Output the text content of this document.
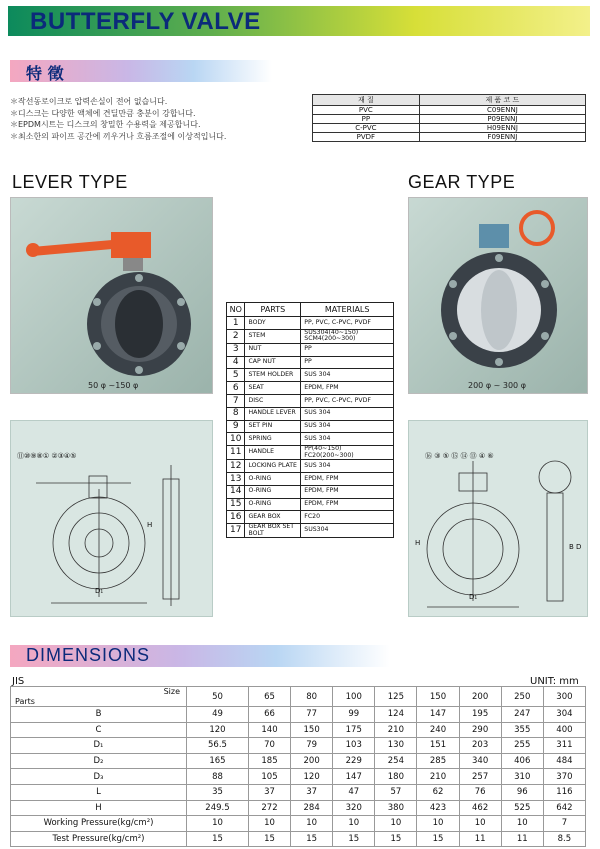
BUTTERFLY VALVE
特 徵
＊작선동로이크로 압력손실이 전어 없습니다.
＊디스크는 다양한 액체에 견딜만큼 충분이 강합니다.
＊EPDM시트는 디스크의 창밀한 수용력을 제공합니다.
＊최소한의 파이프 공간에 끼우거나 흐름조절에 이상적입니다.
재 질	제 품 코 드
PVC	C09ENNJ
PP	P09ENNJ
C-PVC	H09ENNJ
PVDF	F09ENNJ
LEVER TYPE	GEAR TYPE
50 φ ~150 φ	200 φ ~ 300 φ
NO	PARTS	MATERIALS
1	BODY	PP, PVC, C-PVC, PVDF
2	STEM	SUS304(40~150) SCM4(200~300)
3	NUT	PP
4	CAP NUT	PP
5	STEM HOLDER	SUS 304
6	SEAT	EPDM, FPM
7	DISC	PP, PVC, C-PVC, PVDF
8	HANDLE LEVER	SUS 304
9	SET PIN	SUS 304
10	SPRING	SUS 304
11	HANDLE	PP(40~150) FC20(200~300)
12	LOCKING PLATE	SUS 304
13	O-RING	EPDM, FPM
14	O-RING	EPDM, FPM
15	O-RING	EPDM, FPM
16	GEAR BOX	FC20
17	GEAR BOX SET BOLT	SUS304
⑪⑩⑨⑧① ②③④⑤
D₁
H
⑯ ③ ⑤ ⑮ ⑭ ⑬ ④ ⑥
D₁
H	B D
DIMENSIONS
JIS	UNIT: mm
Size
Parts	50	65	80	100	125	150	200	250	300
B	49	66	77	99	124	147	195	247	304
C	120	140	150	175	210	240	290	355	400
D₁	56.5	70	79	103	130	151	203	255	311
D₂	165	185	200	229	254	285	340	406	484
D₃	88	105	120	147	180	210	257	310	370
L	35	37	37	47	57	62	76	96	116
H	249.5	272	284	320	380	423	462	525	642
Working Pressure(kg/cm²)	10	10	10	10	10	10	10	10	7
Test Pressure(kg/cm²)	15	15	15	15	15	15	11	11	8.5
